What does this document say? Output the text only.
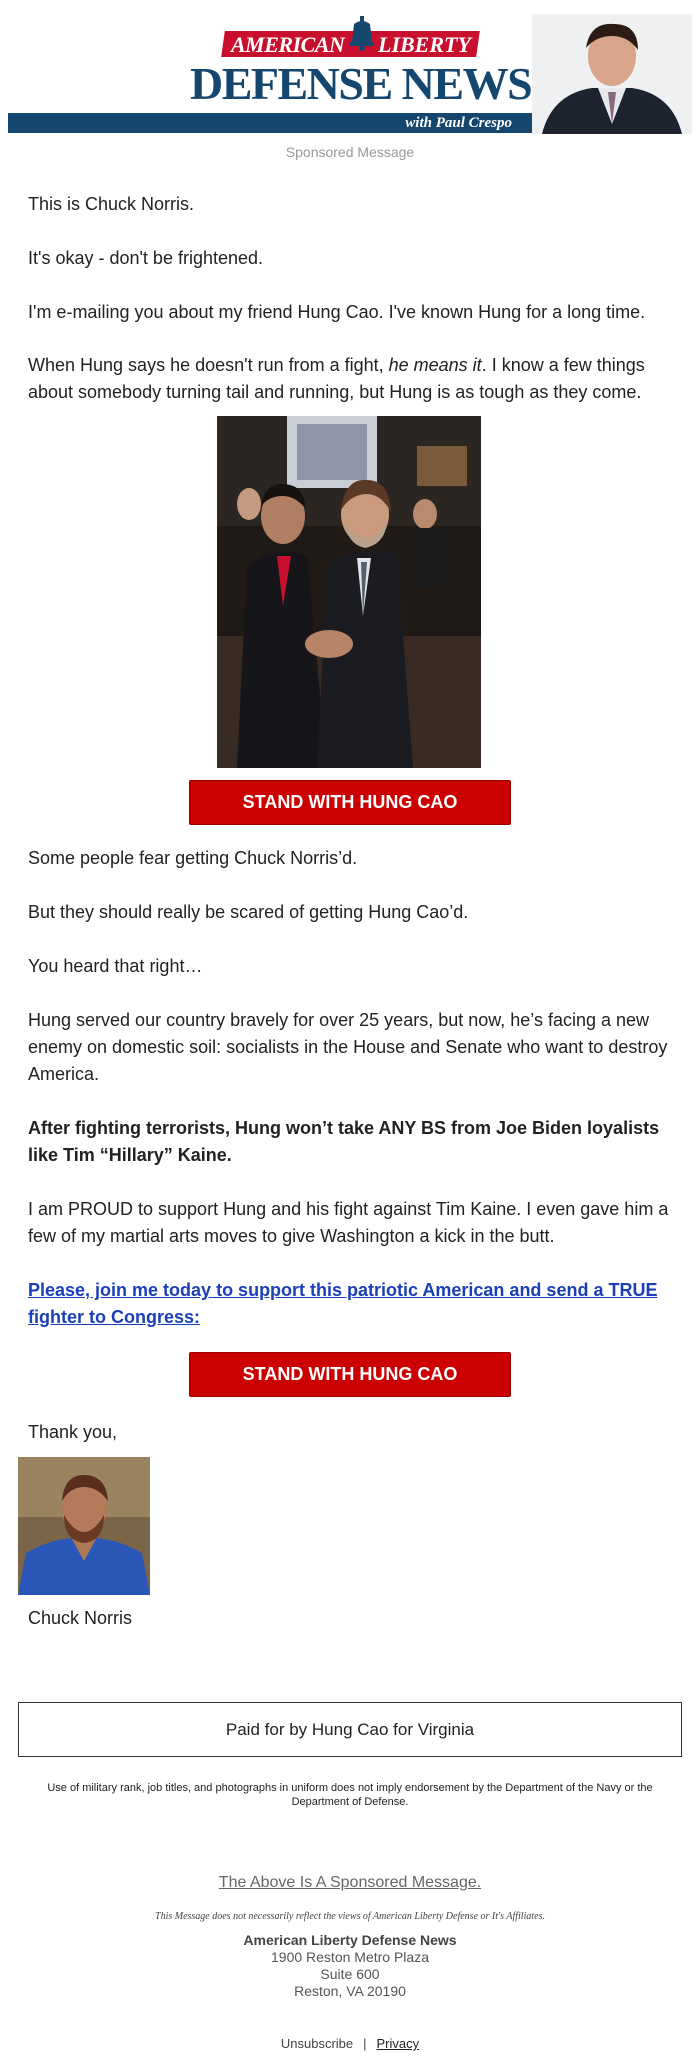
AMERICAN LIBERTY
DEFENSE NEWS
with Paul Crespo
Sponsored Message

This is Chuck Norris.

It's okay - don't be frightened.

I'm e-mailing you about my friend Hung Cao. I've known Hung for a long time.

When Hung says he doesn't run from a fight, he means it. I know a few things about somebody turning tail and running, but Hung is as tough as they come.

STAND WITH HUNG CAO

Some people fear getting Chuck Norris’d.

But they should really be scared of getting Hung Cao’d.

You heard that right…

Hung served our country bravely for over 25 years, but now, he’s facing a new enemy on domestic soil: socialists in the House and Senate who want to destroy America.

After fighting terrorists, Hung won’t take ANY BS from Joe Biden loyalists like Tim “Hillary” Kaine.

I am PROUD to support Hung and his fight against Tim Kaine. I even gave him a few of my martial arts moves to give Washington a kick in the butt.

Please, join me today to support this patriotic American and send a TRUE fighter to Congress:

STAND WITH HUNG CAO

Thank you,

Chuck Norris

Paid for by Hung Cao for Virginia

Use of military rank, job titles, and photographs in uniform does not imply endorsement by the Department of the Navy or the Department of Defense.

The Above Is A Sponsored Message.

This Message does not necessarily reflect the views of American Liberty Defense or It's Affiliates.

American Liberty Defense News
1900 Reston Metro Plaza
Suite 600
Reston, VA 20190
Unsubscribe | Privacy
